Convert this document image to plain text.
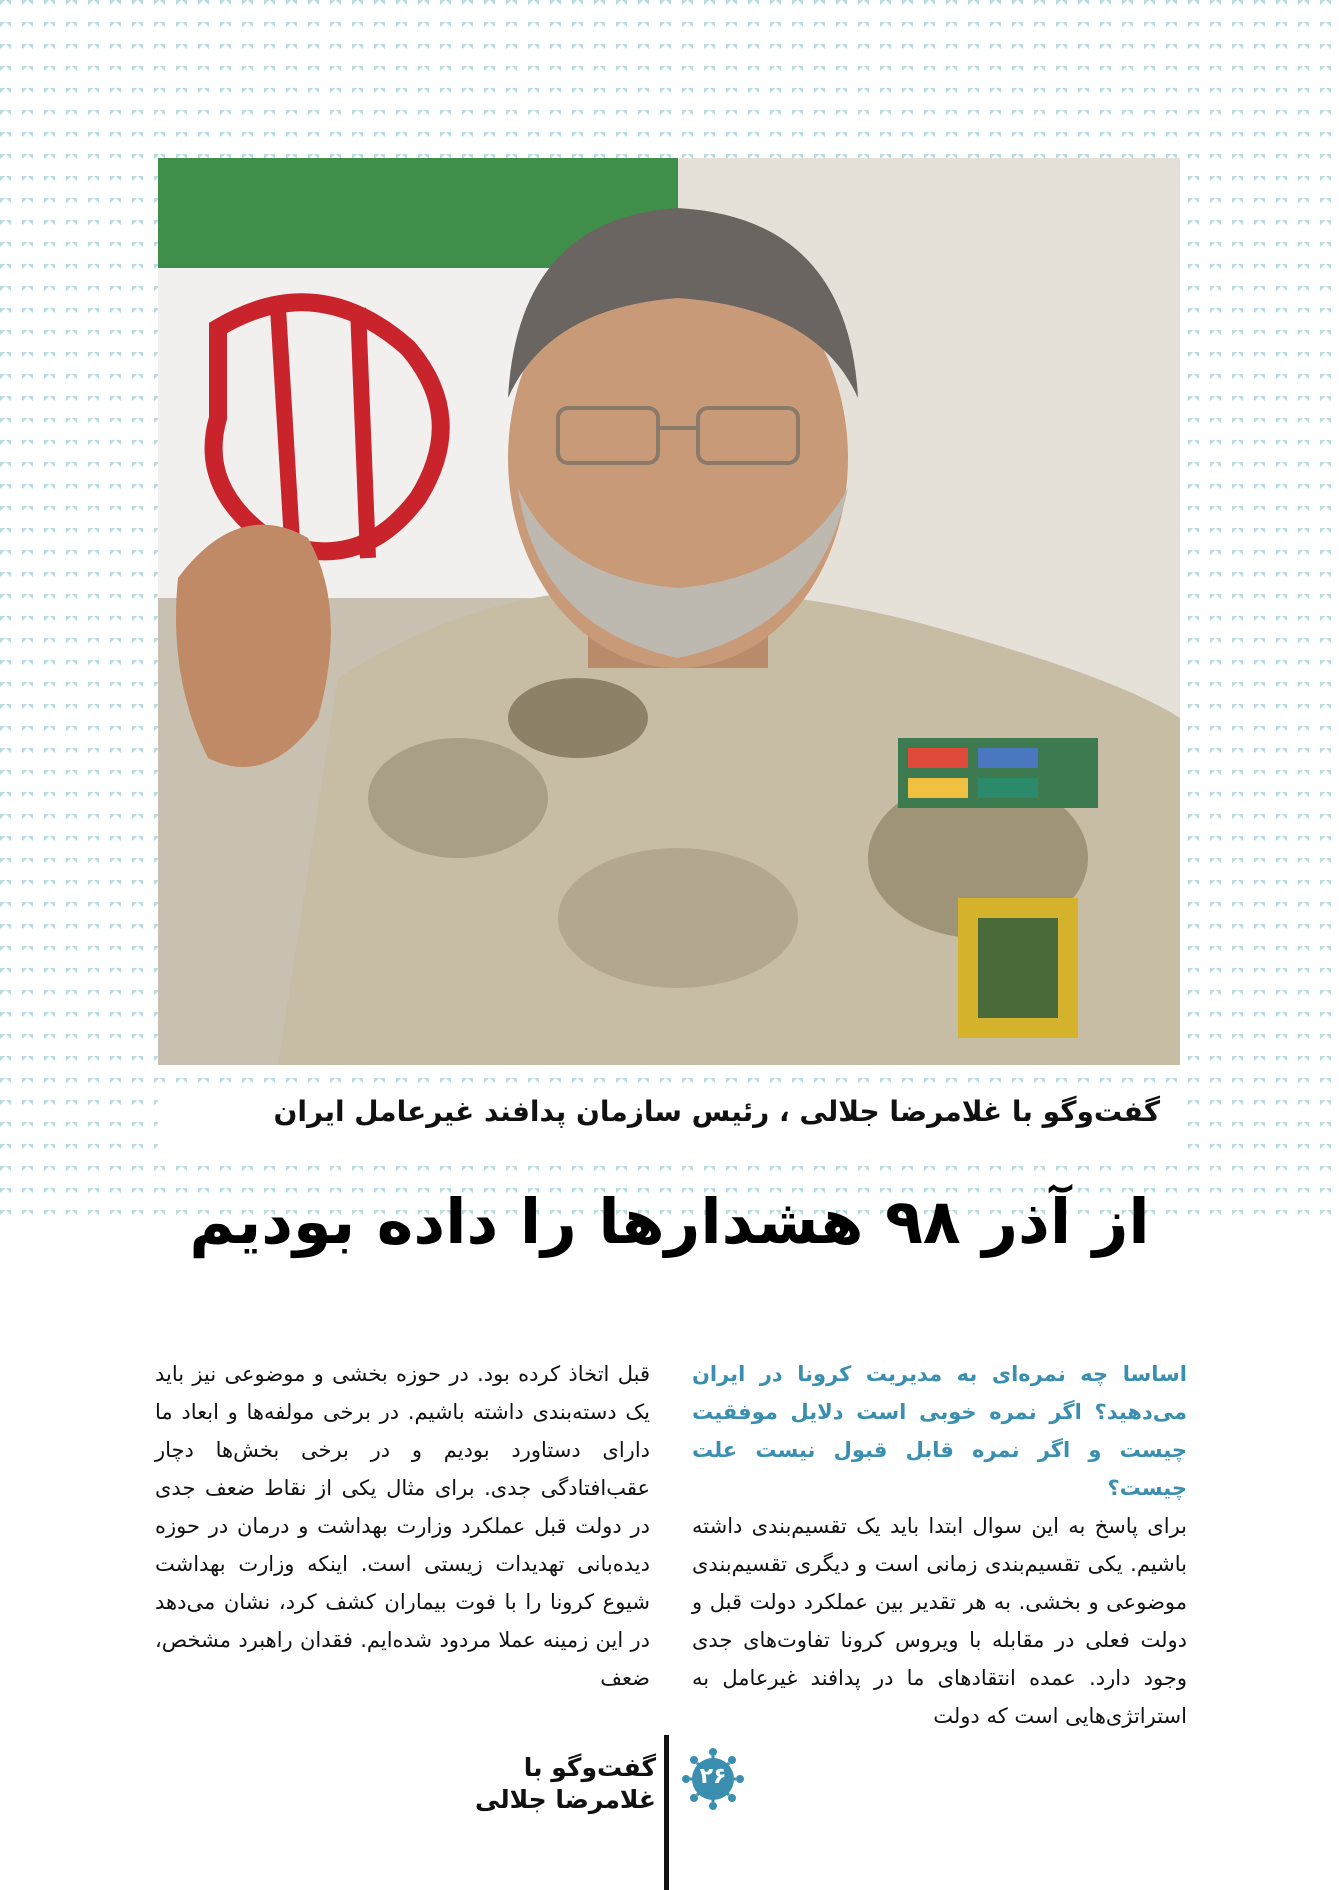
گفت‌وگو با غلامرضا جلالی ، رئیس سازمان پدافند غیرعامل ایران
از آذر ۹۸ هشدارها را داده بودیم
اساسا چه نمره‌ای به مدیریت کرونا در ایران می‌دهید؟ اگر نمره خوبی است دلایل موفقیت چیست و اگر نمره قابل قبول نیست علت چیست؟
برای پاسخ به این سوال ابتدا باید یک تقسیم‌بندی داشته باشیم. یکی تقسیم‌بندی زمانی است و دیگری تقسیم‌بندی موضوعی و بخشی. به هر تقدیر بین عملکرد دولت قبل و دولت فعلی در مقابله با ویروس کرونا تفاوت‌های جدی وجود دارد. عمده انتقادهای ما در پدافند غیرعامل به استراتژی‌هایی است که دولت
قبل اتخاذ کرده بود. در حوزه بخشی و موضوعی نیز باید یک دسته‌بندی داشته باشیم. در برخی مولفه‌ها و ابعاد ما دارای دستاورد بودیم و در برخی بخش‌ها دچار عقب‌افتادگی جدی. برای مثال یکی از نقاط ضعف جدی در دولت قبل عملکرد وزارت بهداشت و درمان در حوزه دیده‌بانی تهدیدات زیستی است. اینکه وزارت بهداشت شیوع کرونا را با فوت بیماران کشف کرد، نشان می‌دهد در این زمینه عملا مردود شده‌ایم. فقدان راهبرد مشخص، ضعف
۲۶
گفت‌وگو با
غلامرضا جلالی
